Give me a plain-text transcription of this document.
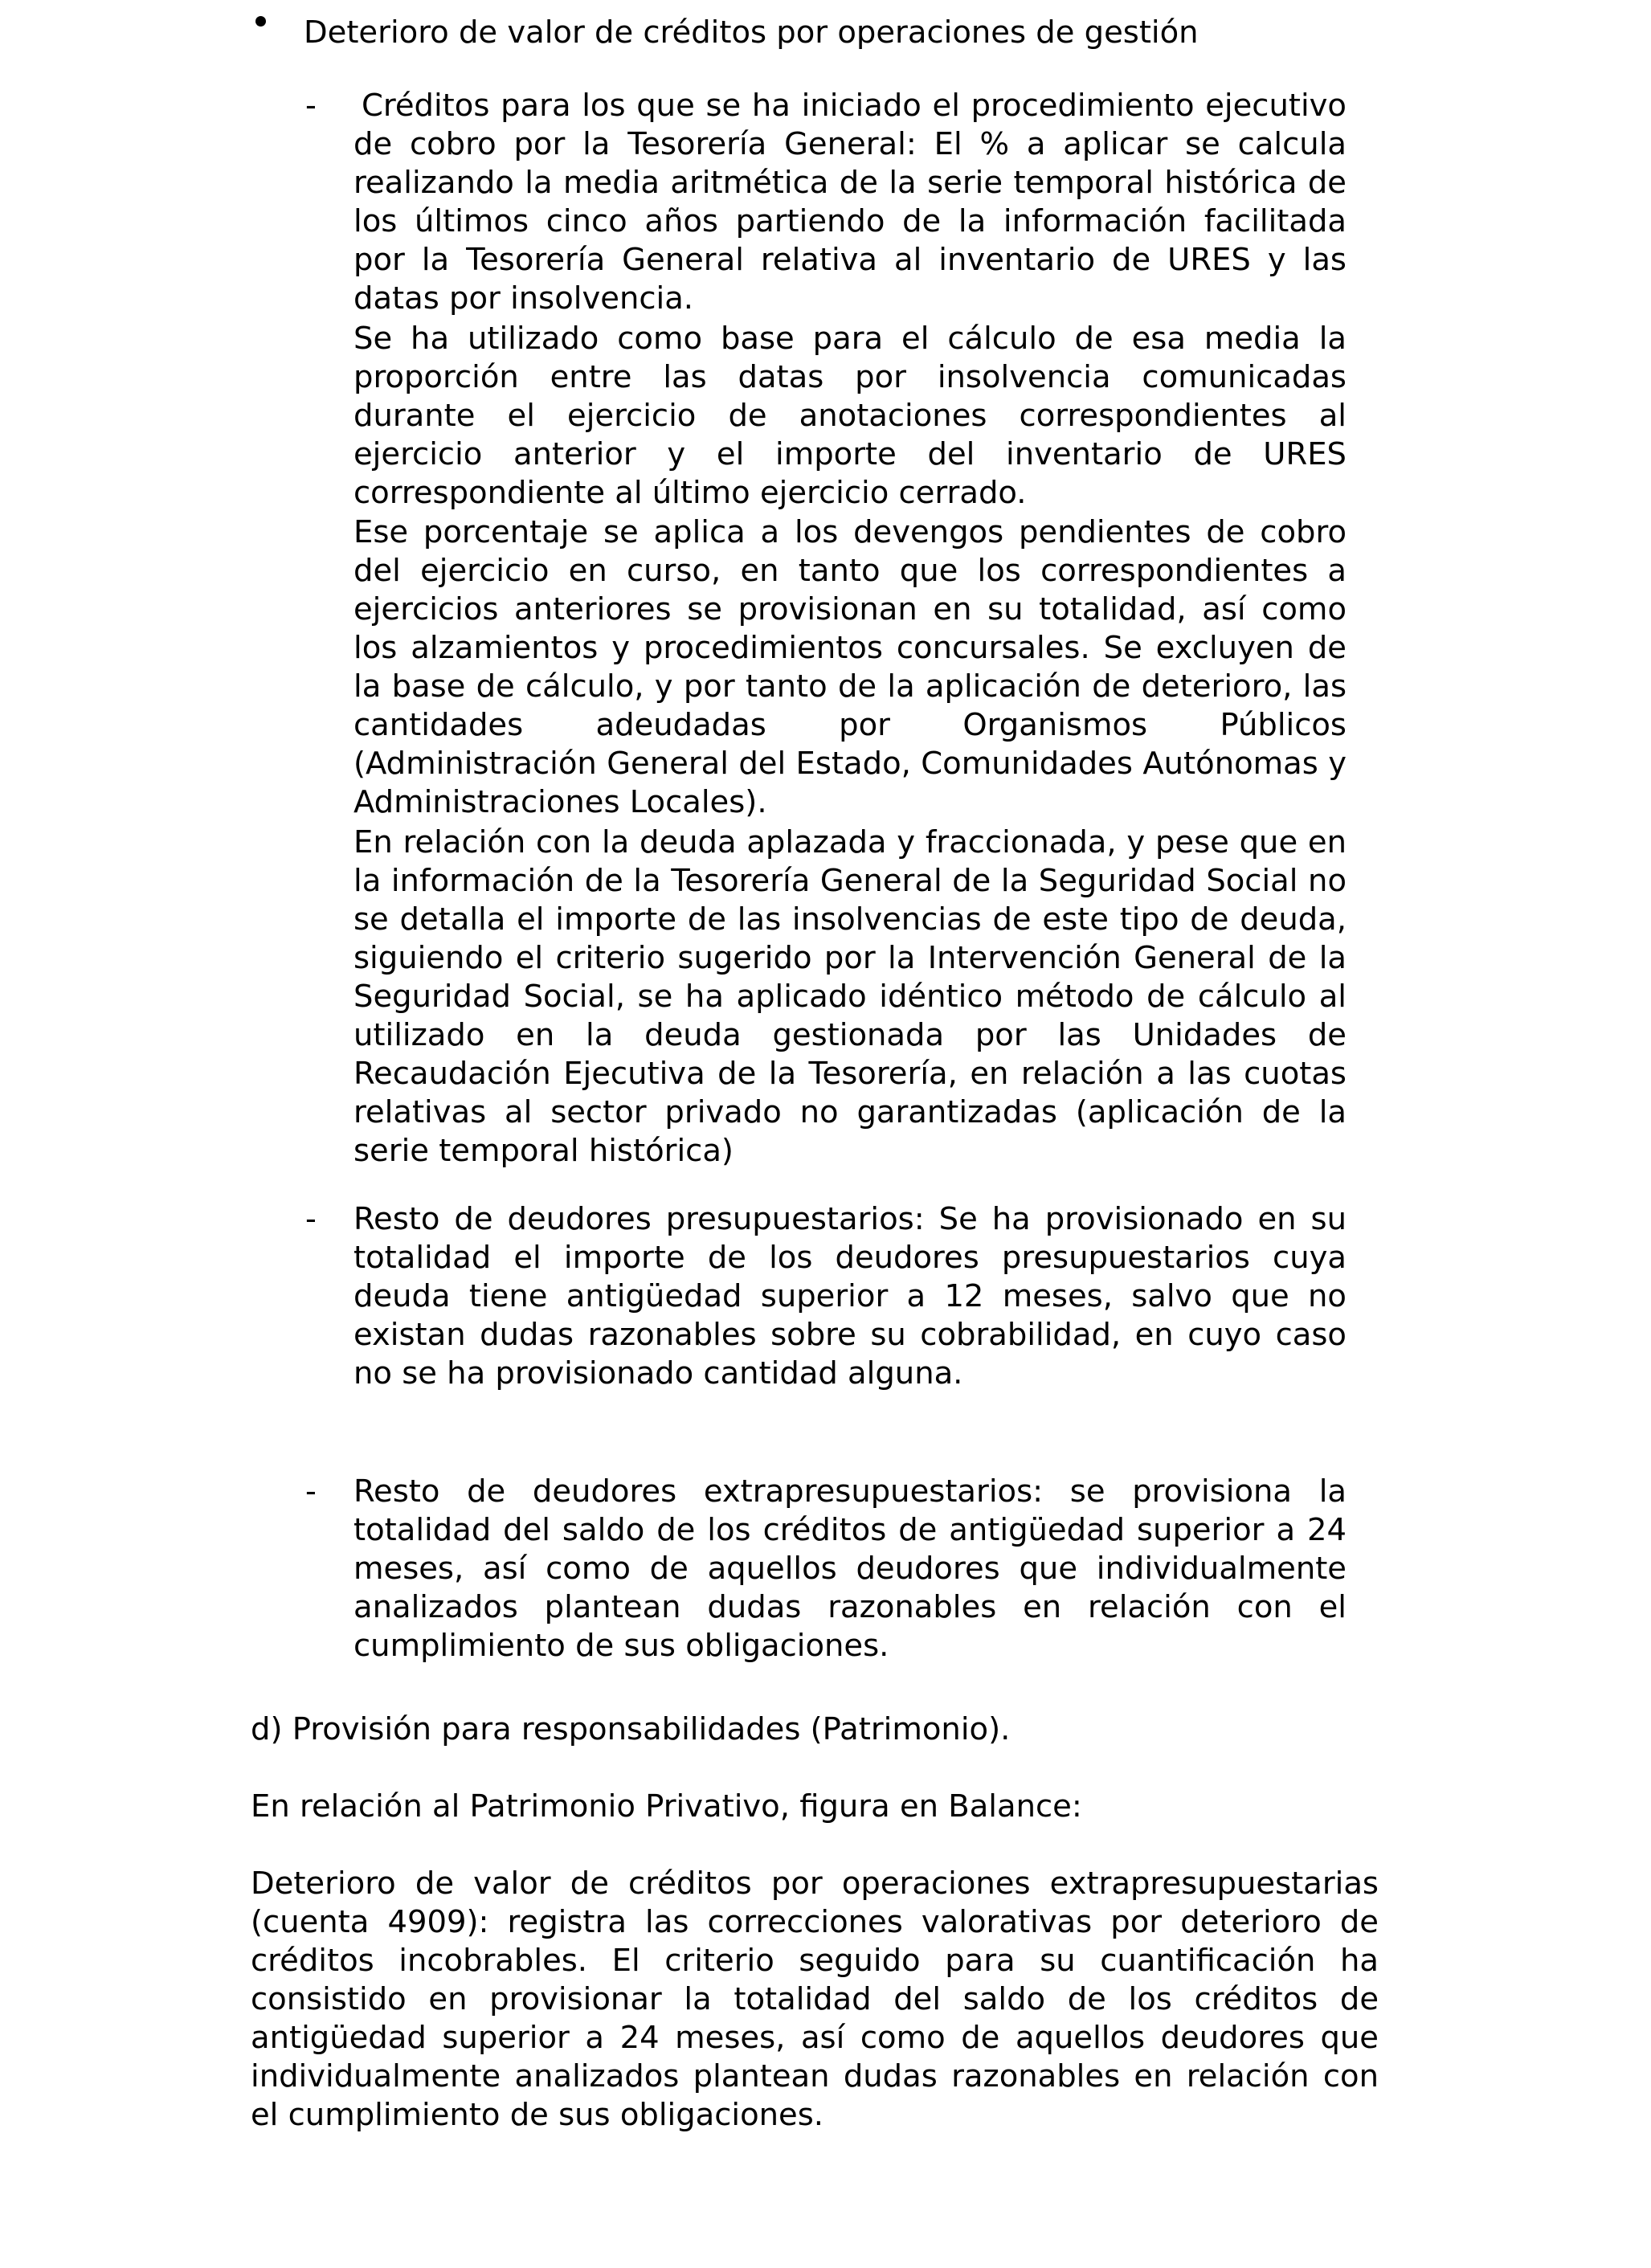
Deterioro de valor de créditos por operaciones de gestión

- Créditos para los que se ha iniciado el procedimiento ejecutivo de cobro por la Tesorería General: El % a aplicar se calcula realizando la media aritmética de la serie temporal histórica de los últimos cinco años partiendo de la información facilitada por la Tesorería General relativa al inventario de URES y las datas por insolvencia.

Se ha utilizado como base para el cálculo de esa media la proporción entre las datas por insolvencia comunicadas durante el ejercicio de anotaciones correspondientes al ejercicio anterior y el importe del inventario de URES correspondiente al último ejercicio cerrado.

Ese porcentaje se aplica a los devengos pendientes de cobro del ejercicio en curso, en tanto que los correspondientes a ejercicios anteriores se provisionan en su totalidad, así como los alzamientos y procedimientos concursales. Se excluyen de la base de cálculo, y por tanto de la aplicación de deterioro, las cantidades adeudadas por Organismos Públicos (Administración General del Estado, Comunidades Autónomas y Administraciones Locales).

En relación con la deuda aplazada y fraccionada, y pese que en la información de la Tesorería General de la Seguridad Social no se detalla el importe de las insolvencias de este tipo de deuda, siguiendo el criterio sugerido por la Intervención General de la Seguridad Social, se ha aplicado idéntico método de cálculo al utilizado en la deuda gestionada por las Unidades de Recaudación Ejecutiva de la Tesorería, en relación a las cuotas relativas al sector privado no garantizadas (aplicación de la serie temporal histórica)

- Resto de deudores presupuestarios: Se ha provisionado en su totalidad el importe de los deudores presupuestarios cuya deuda tiene antigüedad superior a 12 meses, salvo que no existan dudas razonables sobre su cobrabilidad, en cuyo caso no se ha provisionado cantidad alguna.

- Resto de deudores extrapresupuestarios: se provisiona la totalidad del saldo de los créditos de antigüedad superior a 24 meses, así como de aquellos deudores que individualmente analizados plantean dudas razonables en relación con el cumplimiento de sus obligaciones.

d) Provisión para responsabilidades (Patrimonio).

En relación al Patrimonio Privativo, figura en Balance:

Deterioro de valor de créditos por operaciones extrapresupuestarias (cuenta 4909): registra las correcciones valorativas por deterioro de créditos incobrables. El criterio seguido para su cuantificación ha consistido en provisionar la totalidad del saldo de los créditos de antigüedad superior a 24 meses, así como de aquellos deudores que individualmente analizados plantean dudas razonables en relación con el cumplimiento de sus obligaciones.
